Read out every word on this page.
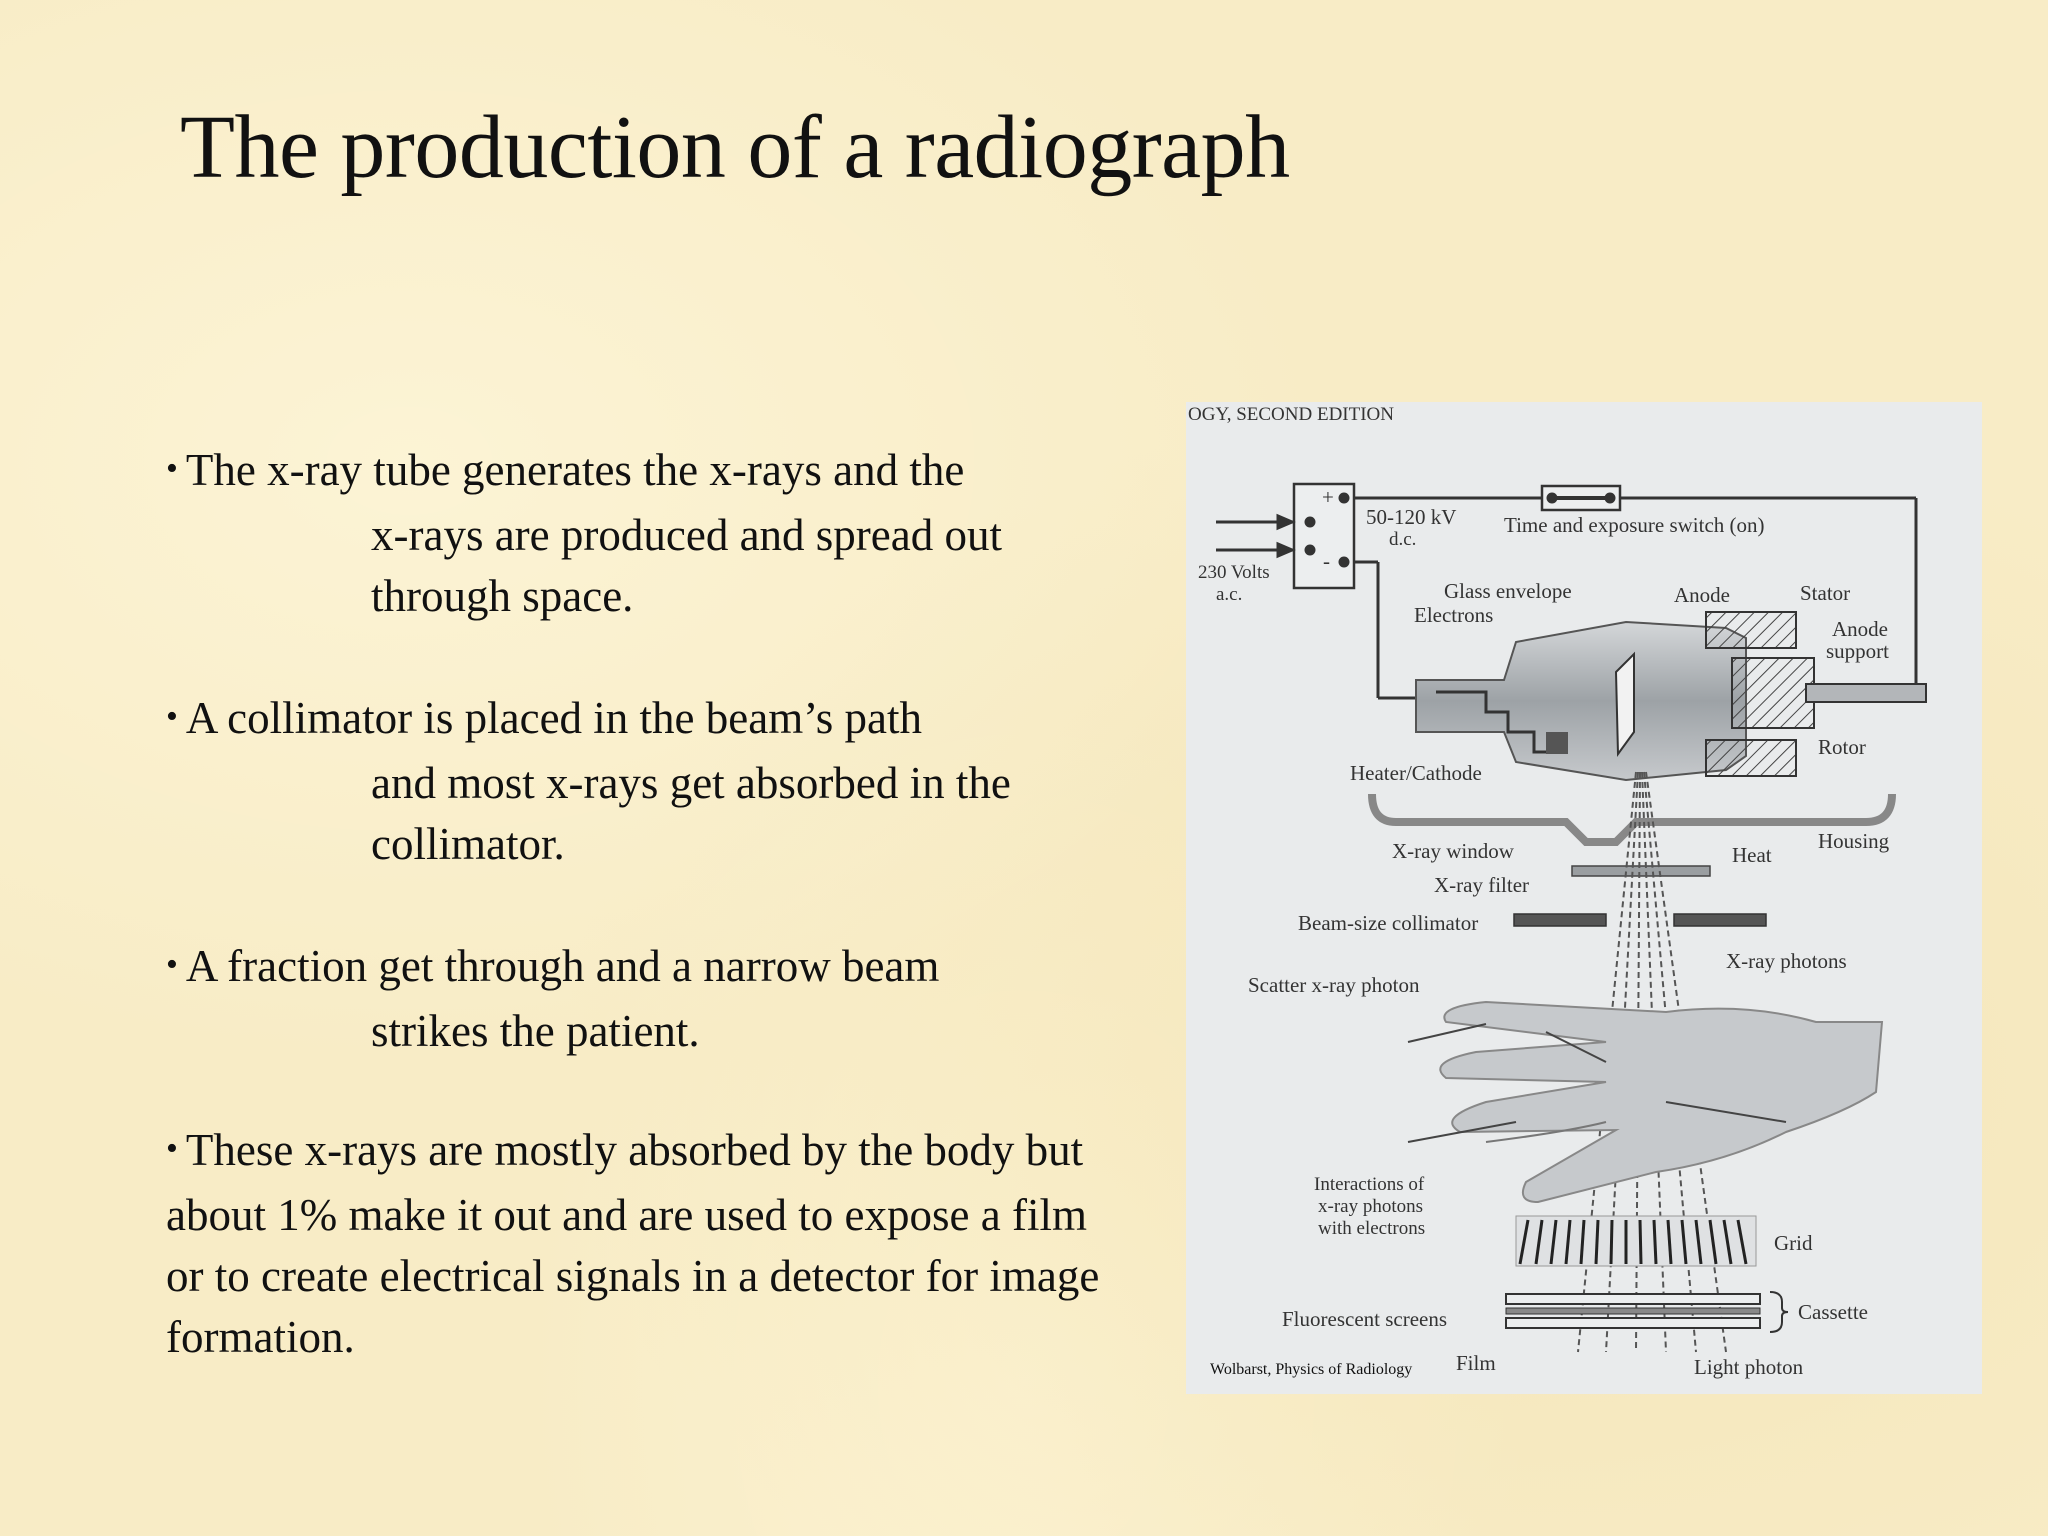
The production of a radiograph

• The x-ray tube generates the x-rays and the
x-rays are produced and spread out through space.

• A collimator is placed in the beam’s path
and most x-rays get absorbed in the collimator.

• A fraction get through and a narrow beam
strikes the patient.

• These x-rays are mostly absorbed by the body but about 1% make it out and are used to expose a film or to create electrical signals in a detector for image formation.

OGY, SECOND EDITION
+
-
50-120 kV
d.c.
Time and exposure switch (on)
230 Volts
a.c.	Glass envelope
Electrons
Anode	Stator
Anode
support
Rotor
Heater/Cathode
X-ray window	Heat
Housing
X-ray filter
Beam-size collimator
X-ray photons
Scatter x-ray photon
Interactions of
x-ray photons
with electrons
Grid
Cassette
Fluorescent screens
Film	Light photon
Wolbarst, Physics of Radiology
